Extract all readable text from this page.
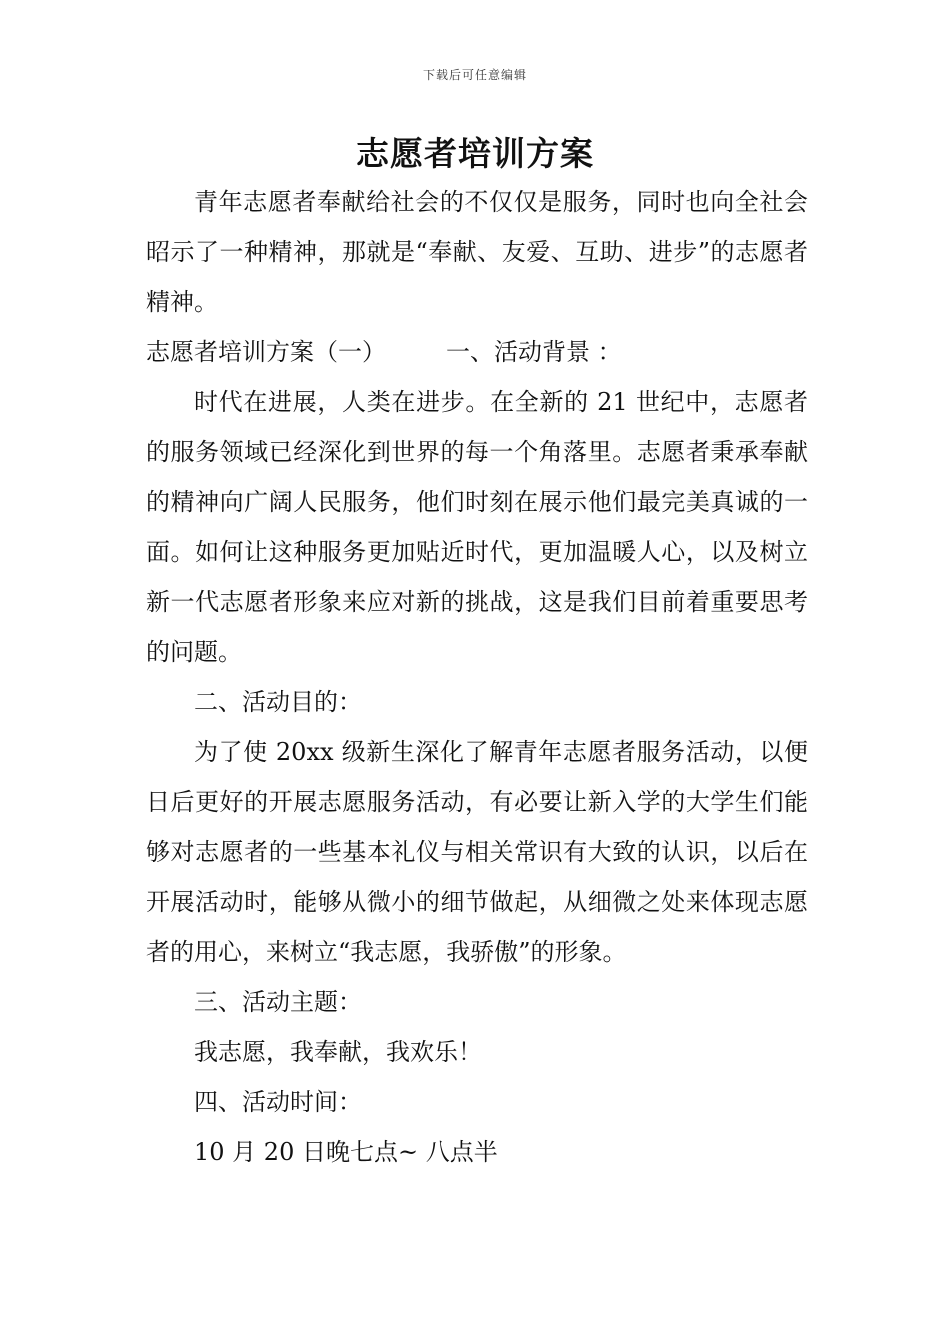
下载后可任意编辑
志愿者培训方案

青年志愿者奉献给社会的不仅仅是服务，同时也向全社会昭示了一种精神，那就是“奉献、友爱、互助、进步”的志愿者精神。

志愿者培训方案（一）	一、活动背景 ：

时代在进展，人类在进步。在全新的 21 世纪中，志愿者的服务领域已经深化到世界的每一个角落里。志愿者秉承奉献的精神向广阔人民服务，他们时刻在展示他们最完美真诚的一面。如何让这种服务更加贴近时代，更加温暖人心，以及树立新一代志愿者形象来应对新的挑战，这是我们目前着重要思考的问题。

二、活动目的：

为了使 20xx 级新生深化了解青年志愿者服务活动，以便日后更好的开展志愿服务活动，有必要让新入学的大学生们能够对志愿者的一些基本礼仪与相关常识有大致的认识，以后在开展活动时，能够从微小的细节做起，从细微之处来体现志愿者的用心，来树立“我志愿，我骄傲”的形象。

三、活动主题：

我志愿，我奉献，我欢乐！

四、活动时间：

10 月 20 日晚七点~ 八点半
